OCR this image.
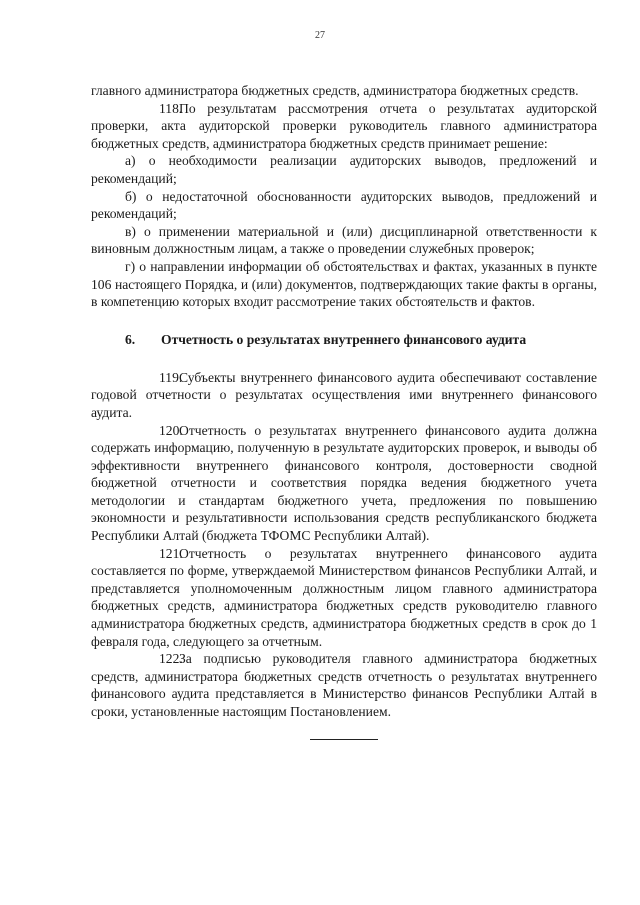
27

главного администратора бюджетных средств, администратора бюджетных средств.

118.По результатам рассмотрения отчета о результатах аудиторской проверки, акта аудиторской проверки руководитель главного администратора бюджетных средств, администратора бюджетных средств принимает решение:

а) о необходимости реализации аудиторских выводов, предложений и рекомендаций;

б) о недостаточной обоснованности аудиторских выводов, предложений и рекомендаций;

в) о применении материальной и (или) дисциплинарной ответственности к виновным должностным лицам, а также о проведении служебных проверок;

г) о направлении информации об обстоятельствах и фактах, указанных в пункте 106 настоящего Порядка, и (или) документов, подтверждающих такие факты в органы, в компетенцию которых входит рассмотрение таких обстоятельств и фактов.

6. Отчетность о результатах внутреннего финансового аудита

119.Субъекты внутреннего финансового аудита обеспечивают составление годовой отчетности о результатах осуществления ими внутреннего финансового аудита.

120.Отчетность о результатах внутреннего финансового аудита должна содержать информацию, полученную в результате аудиторских проверок, и выводы об эффективности внутреннего финансового контроля, достоверности сводной бюджетной отчетности и соответствия порядка ведения бюджетного учета методологии и стандартам бюджетного учета, предложения по повышению экономности и результативности использования средств республиканского бюджета Республики Алтай (бюджета ТФОМС Республики Алтай).

121.Отчетность о результатах внутреннего финансового аудита составляется по форме, утверждаемой Министерством финансов Республики Алтай, и представляется уполномоченным должностным лицом главного администратора бюджетных средств, администратора бюджетных средств руководителю главного администратора бюджетных средств, администратора бюджетных средств в срок до 1 февраля года, следующего за отчетным.

122.За подписью руководителя главного администратора бюджетных средств, администратора бюджетных средств отчетность о результатах внутреннего финансового аудита представляется в Министерство финансов Республики Алтай в сроки, установленные настоящим Постановлением.
